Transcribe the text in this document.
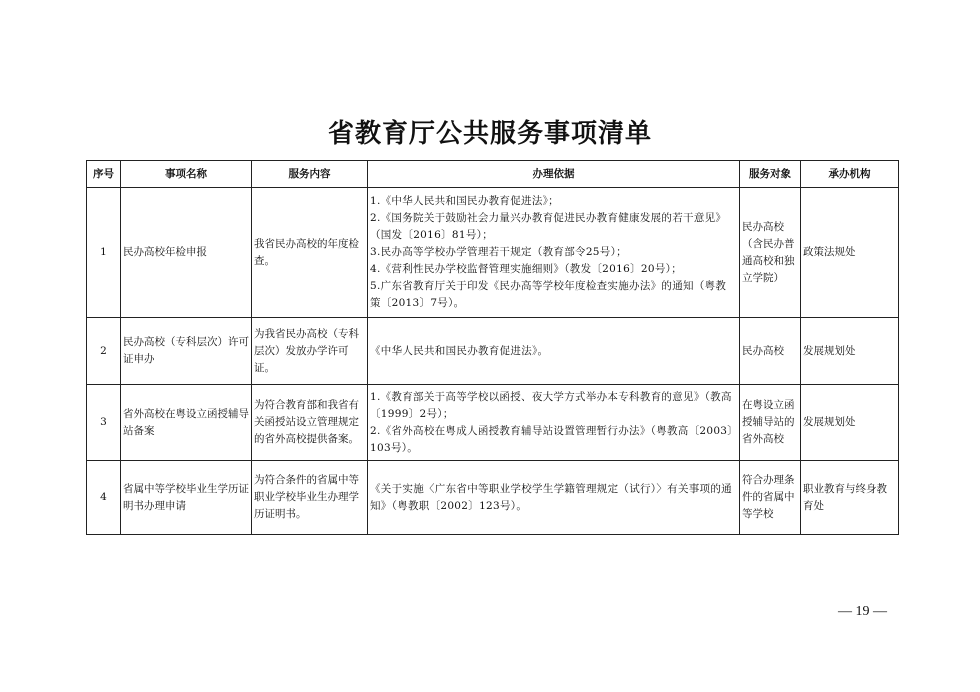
省教育厅公共服务事项清单
序号	事项名称	服务内容	办理依据	服务对象	承办机构
1	民办高校年检申报	我省民办高校的年度检查。	1.《中华人民共和国民办教育促进法》；
2.《国务院关于鼓励社会力量兴办教育促进民办教育健康发展的若干意见》（国发〔2016〕81号）；
3.民办高等学校办学管理若干规定（教育部令25号）；
4.《营利性民办学校监督管理实施细则》（教发〔2016〕20号）；
5.广东省教育厅关于印发《民办高等学校年度检查实施办法》的通知（粤教策〔2013〕7号）。	民办高校（含民办普通高校和独立学院）	政策法规处
2	民办高校（专科层次）许可证申办	为我省民办高校（专科层次）发放办学许可证。	《中华人民共和国民办教育促进法》。	民办高校	发展规划处
3	省外高校在粤设立函授辅导站备案	为符合教育部和我省有关函授站设立管理规定的省外高校提供备案。	1.《教育部关于高等学校以函授、夜大学方式举办本专科教育的意见》（教高〔1999〕2号）；
2.《省外高校在粤成人函授教育辅导站设置管理暂行办法》（粤教高〔2003〕103号）。	在粤设立函授辅导站的省外高校	发展规划处
4	省属中等学校毕业生学历证明书办理申请	为符合条件的省属中等职业学校毕业生办理学历证明书。	《关于实施〈广东省中等职业学校学生学籍管理规定（试行）〉有关事项的通知》（粤教职〔2002〕123号）。	符合办理条件的省属中等学校	职业教育与终身教育处
— 19 —
